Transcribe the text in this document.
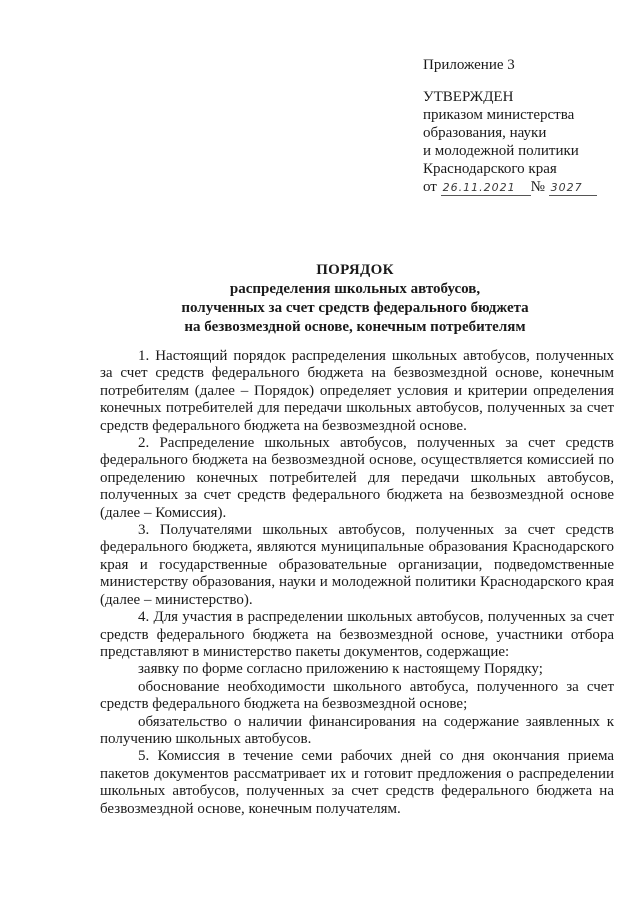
Приложение 3
УТВЕРЖДЕН
приказом министерства
образования, науки
и молодежной политики
Краснодарского края
от 26.11.2021 № 3027
ПОРЯДОК
распределения школьных автобусов,
полученных за счет средств федерального бюджета
на безвозмездной основе, конечным потребителям

1. Настоящий порядок распределения школьных автобусов, полученных за счет средств федерального бюджета на безвозмездной основе, конечным потребителям (далее – Порядок) определяет условия и критерии определения конечных потребителей для передачи школьных автобусов, полученных за счет средств федерального бюджета на безвозмездной основе.

2. Распределение школьных автобусов, полученных за счет средств федерального бюджета на безвозмездной основе, осуществляется комиссией по определению конечных потребителей для передачи школьных автобусов, полученных за счет средств федерального бюджета на безвозмездной основе (далее – Комиссия).

3. Получателями школьных автобусов, полученных за счет средств федерального бюджета, являются муниципальные образования Краснодарского края и государственные образовательные организации, подведомственные министерству образования, науки и молодежной политики Краснодарского края (далее – министерство).

4. Для участия в распределении школьных автобусов, полученных за счет средств федерального бюджета на безвозмездной основе, участники отбора представляют в министерство пакеты документов, содержащие:

заявку по форме согласно приложению к настоящему Порядку;

обоснование необходимости школьного автобуса, полученного за счет средств федерального бюджета на безвозмездной основе;

обязательство о наличии финансирования на содержание заявленных к получению школьных автобусов.

5. Комиссия в течение семи рабочих дней со дня окончания приема пакетов документов рассматривает их и готовит предложения о распределении школьных автобусов, полученных за счет средств федерального бюджета на безвозмездной основе, конечным получателям.
